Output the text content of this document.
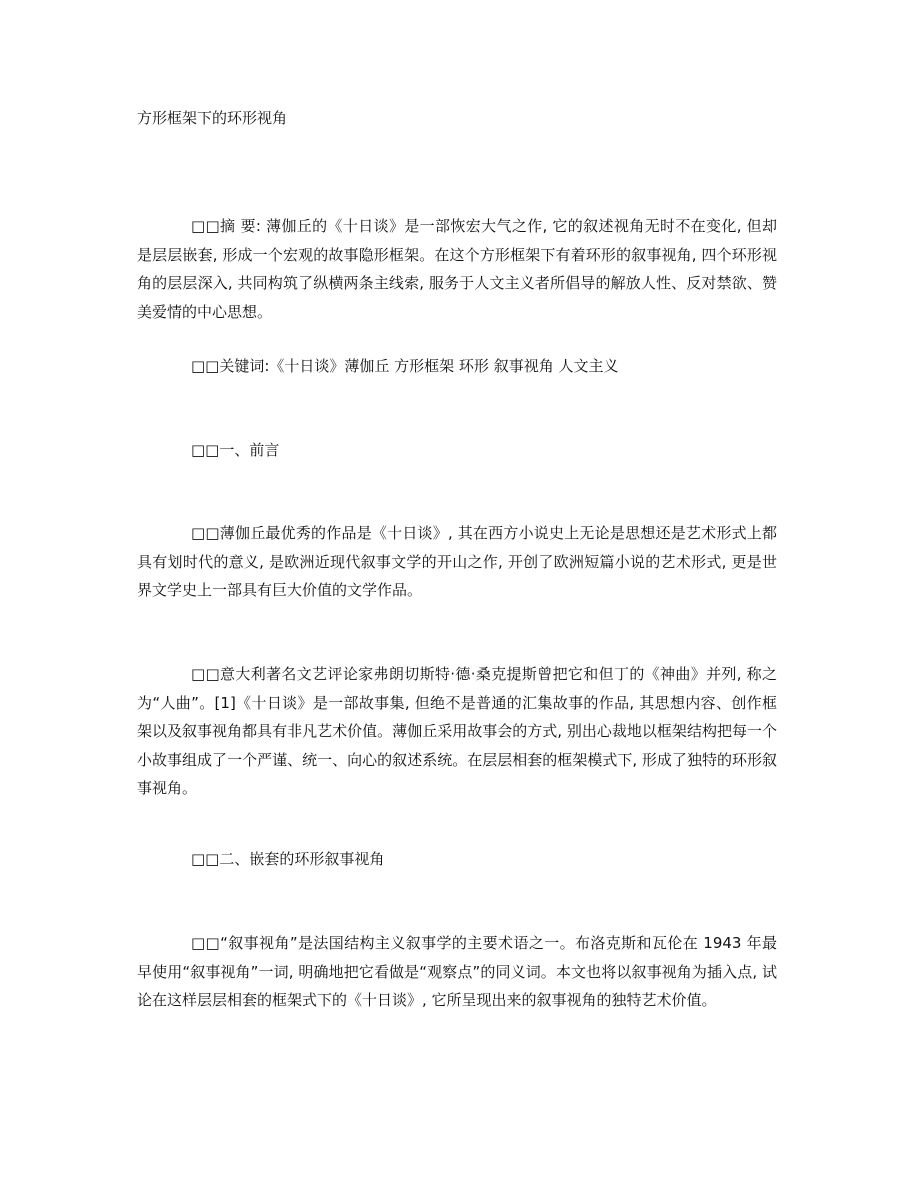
方形框架下的环形视角

□□摘 要: 薄伽丘的《十日谈》是一部恢宏大气之作, 它的叙述视角无时不在变化, 但却是层层嵌套, 形成一个宏观的故事隐形框架。在这个方形框架下有着环形的叙事视角, 四个环形视角的层层深入, 共同构筑了纵横两条主线索, 服务于人文主义者所倡导的解放人性、反对禁欲、赞美爱情的中心思想。

□□关键词:《十日谈》薄伽丘 方形框架 环形 叙事视角 人文主义

□□一、前言

□□薄伽丘最优秀的作品是《十日谈》, 其在西方小说史上无论是思想还是艺术形式上都具有划时代的意义, 是欧洲近现代叙事文学的开山之作, 开创了欧洲短篇小说的艺术形式, 更是世界文学史上一部具有巨大价值的文学作品。

□□意大利著名文艺评论家弗朗切斯特·德·桑克提斯曾把它和但丁的《神曲》并列, 称之为“人曲”。[1]《十日谈》是一部故事集, 但绝不是普通的汇集故事的作品, 其思想内容、创作框架以及叙事视角都具有非凡艺术价值。薄伽丘采用故事会的方式, 别出心裁地以框架结构把每一个小故事组成了一个严谨、统一、向心的叙述系统。在层层相套的框架模式下, 形成了独特的环形叙事视角。

□□二、嵌套的环形叙事视角

□□“叙事视角”是法国结构主义叙事学的主要术语之一。布洛克斯和瓦伦在 1943 年最早使用“叙事视角”一词, 明确地把它看做是“观察点”的同义词。本文也将以叙事视角为插入点, 试论在这样层层相套的框架式下的《十日谈》, 它所呈现出来的叙事视角的独特艺术价值。
